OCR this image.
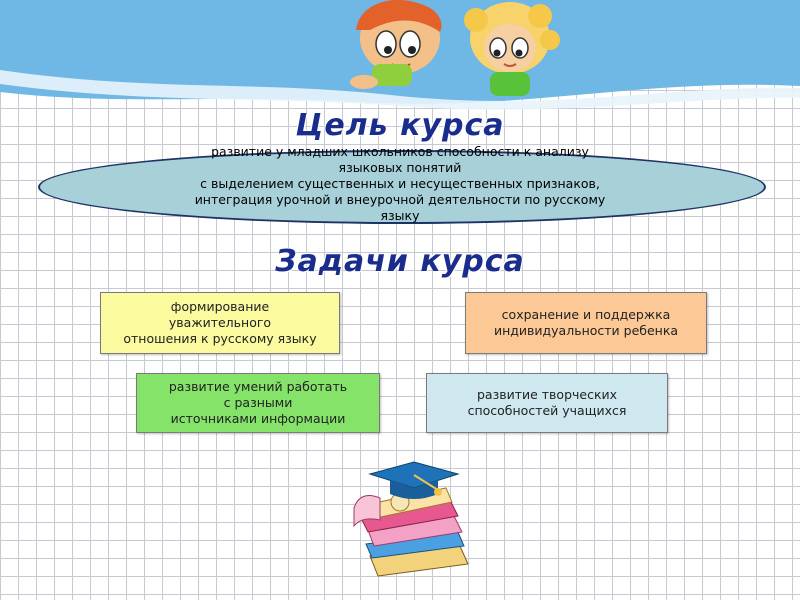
Цель курса
развитие у младших школьников способности к анализу
языковых понятий
с выделением существенных и несущественных признаков,
интеграция урочной и внеурочной деятельности по русскому
языку
Задачи курса
формирование
уважительного
отношения к русскому языку
сохранение и поддержка
индивидуальности ребенка
развитие умений работать
с разными
источниками информации
развитие творческих
способностей учащихся
